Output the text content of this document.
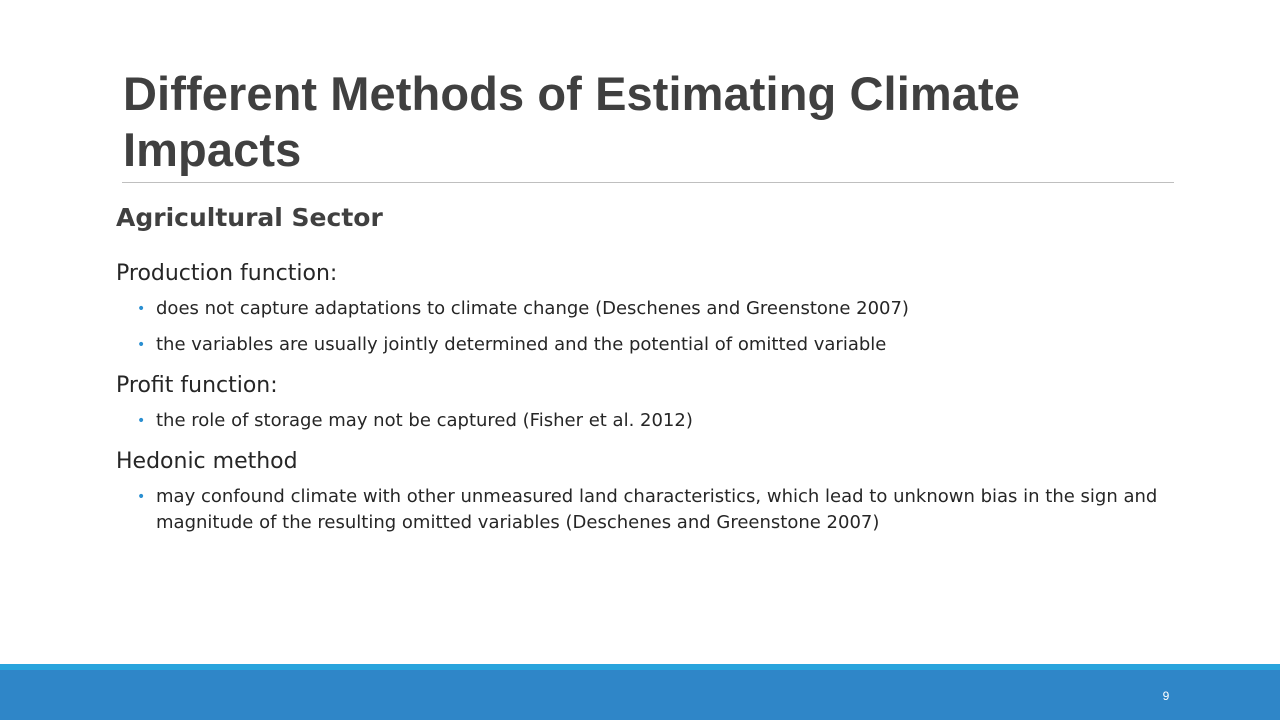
Different Methods of Estimating Climate Impacts
Agricultural Sector
Production function:
• does not capture adaptations to climate change (Deschenes and Greenstone 2007)
• the variables are usually jointly determined and the potential of omitted variable
Profit function:
• the role of storage may not be captured (Fisher et al. 2012)
Hedonic method
• may confound climate with other unmeasured land characteristics, which lead to unknown bias in the sign and magnitude of the resulting omitted variables (Deschenes and Greenstone 2007)
9
